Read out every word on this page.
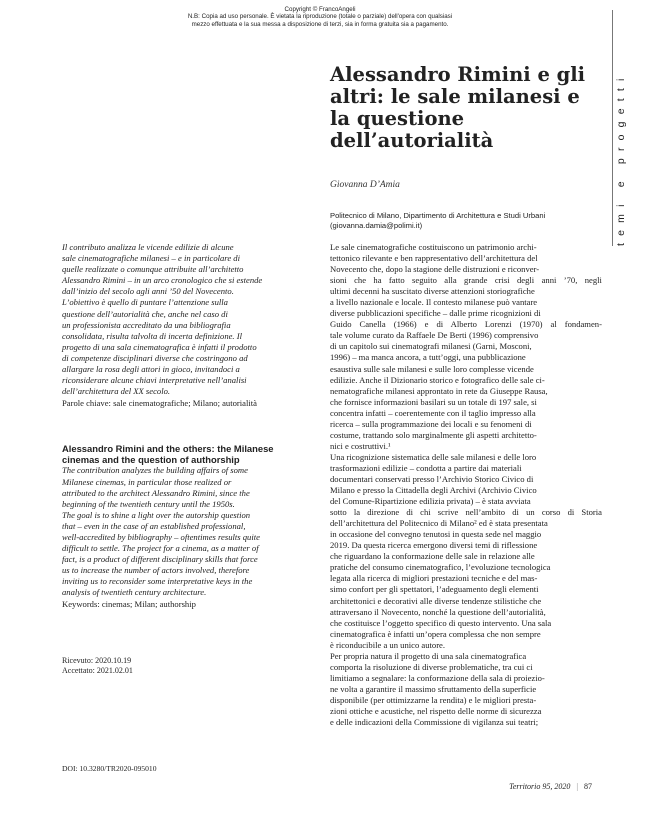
Copyright © FrancoAngeli
N.B: Copia ad uso personale. È vietata la riproduzione (totale o parziale) dell'opera con qualsiasi
mezzo effettuata e la sua messa a disposizione di terzi, sia in forma gratuita sia a pagamento.
temi e progetti
Alessandro Rimini e gli altri: le sale milanesi e la questione dell’autorialità
Giovanna D’Amia
Politecnico di Milano, Dipartimento di Architettura e Studi Urbani
(giovanna.damia@polimi.it)
Il contributo analizza le vicende edilizie di alcune
sale cinematografiche milanesi – e in particolare di
quelle realizzate o comunque attribuite all’architetto
Alessandro Rimini – in un arco cronologico che si estende
dall’inizio del secolo agli anni ’50 del Novecento.
L’obiettivo è quello di puntare l’attenzione sulla
questione dell’autorialità che, anche nel caso di
un professionista accreditato da una bibliografia
consolidata, risulta talvolta di incerta definizione. Il
progetto di una sala cinematografica è infatti il prodotto
di competenze disciplinari diverse che costringono ad
allargare la rosa degli attori in gioco, invitandoci a
riconsiderare alcune chiavi interpretative nell’analisi
dell’architettura del XX secolo.
Parole chiave: sale cinematografiche; Milano; autorialità
Alessandro Rimini and the others: the Milanese
cinemas and the question of authorship
The contribution analyzes the building affairs of some
Milanese cinemas, in particular those realized or
attributed to the architect Alessandro Rimini, since the
beginning of the twentieth century until the 1950s.
The goal is to shine a light over the autorship question
that – even in the case of an established professional,
well-accredited by bibliography – oftentimes results quite
difficult to settle. The project for a cinema, as a matter of
fact, is a product of different disciplinary skills that force
us to increase the number of actors involved, therefore
inviting us to reconsider some interpretative keys in the
analysis of twentieth century architecture.
Keywords: cinemas; Milan; authorship
Ricevuto: 2020.10.19
Accettato: 2021.02.01
DOI: 10.3280/TR2020-095010
Le sale cinematografiche costituiscono un patrimonio archi-
tettonico rilevante e ben rappresentativo dell’architettura del
Novecento che, dopo la stagione delle distruzioni e riconver-
sioni che ha fatto seguito alla grande crisi degli anni ’70, negli
ultimi decenni ha suscitato diverse attenzioni storiografiche
a livello nazionale e locale. Il contesto milanese può vantare
diverse pubblicazioni specifiche – dalle prime ricognizioni di
Guido Canella (1966) e di Alberto Lorenzi (1970) al fondamen-
tale volume curato da Raffaele De Berti (1996) comprensivo
di un capitolo sui cinematografi milanesi (Garni, Mosconi,
1996) – ma manca ancora, a tutt’oggi, una pubblicazione
esaustiva sulle sale milanesi e sulle loro complesse vicende
edilizie. Anche il Dizionario storico e fotografico delle sale ci-
nematografiche milanesi approntato in rete da Giuseppe Rausa,
che fornisce informazioni basilari su un totale di 197 sale, si
concentra infatti – coerentemente con il taglio impresso alla
ricerca – sulla programmazione dei locali e su fenomeni di
costume, trattando solo marginalmente gli aspetti architetto-
nici e costruttivi.¹
Una ricognizione sistematica delle sale milanesi e delle loro
trasformazioni edilizie – condotta a partire dai materiali
documentari conservati presso l’Archivio Storico Civico di
Milano e presso la Cittadella degli Archivi (Archivio Civico
del Comune-Ripartizione edilizia privata) – è stata avviata
sotto la direzione di chi scrive nell’ambito di un corso di Storia
dell’architettura del Politecnico di Milano² ed è stata presentata
in occasione del convegno tenutosi in questa sede nel maggio
2019. Da questa ricerca emergono diversi temi di riflessione
che riguardano la conformazione delle sale in relazione alle
pratiche del consumo cinematografico, l’evoluzione tecnologica
legata alla ricerca di migliori prestazioni tecniche e del mas-
simo confort per gli spettatori, l’adeguamento degli elementi
architettonici e decorativi alle diverse tendenze stilistiche che
attraversano il Novecento, nonché la questione dell’autorialità,
che costituisce l’oggetto specifico di questo intervento. Una sala
cinematografica è infatti un’opera complessa che non sempre
è riconducibile a un unico autore.
Per propria natura il progetto di una sala cinematografica
comporta la risoluzione di diverse problematiche, tra cui ci
limitiamo a segnalare: la conformazione della sala di proiezio-
ne volta a garantire il massimo sfruttamento della superficie
disponibile (per ottimizzarne la rendita) e le migliori presta-
zioni ottiche e acustiche, nel rispetto delle norme di sicurezza
e delle indicazioni della Commissione di vigilanza sui teatri;
Territorio 95, 2020 | 87
